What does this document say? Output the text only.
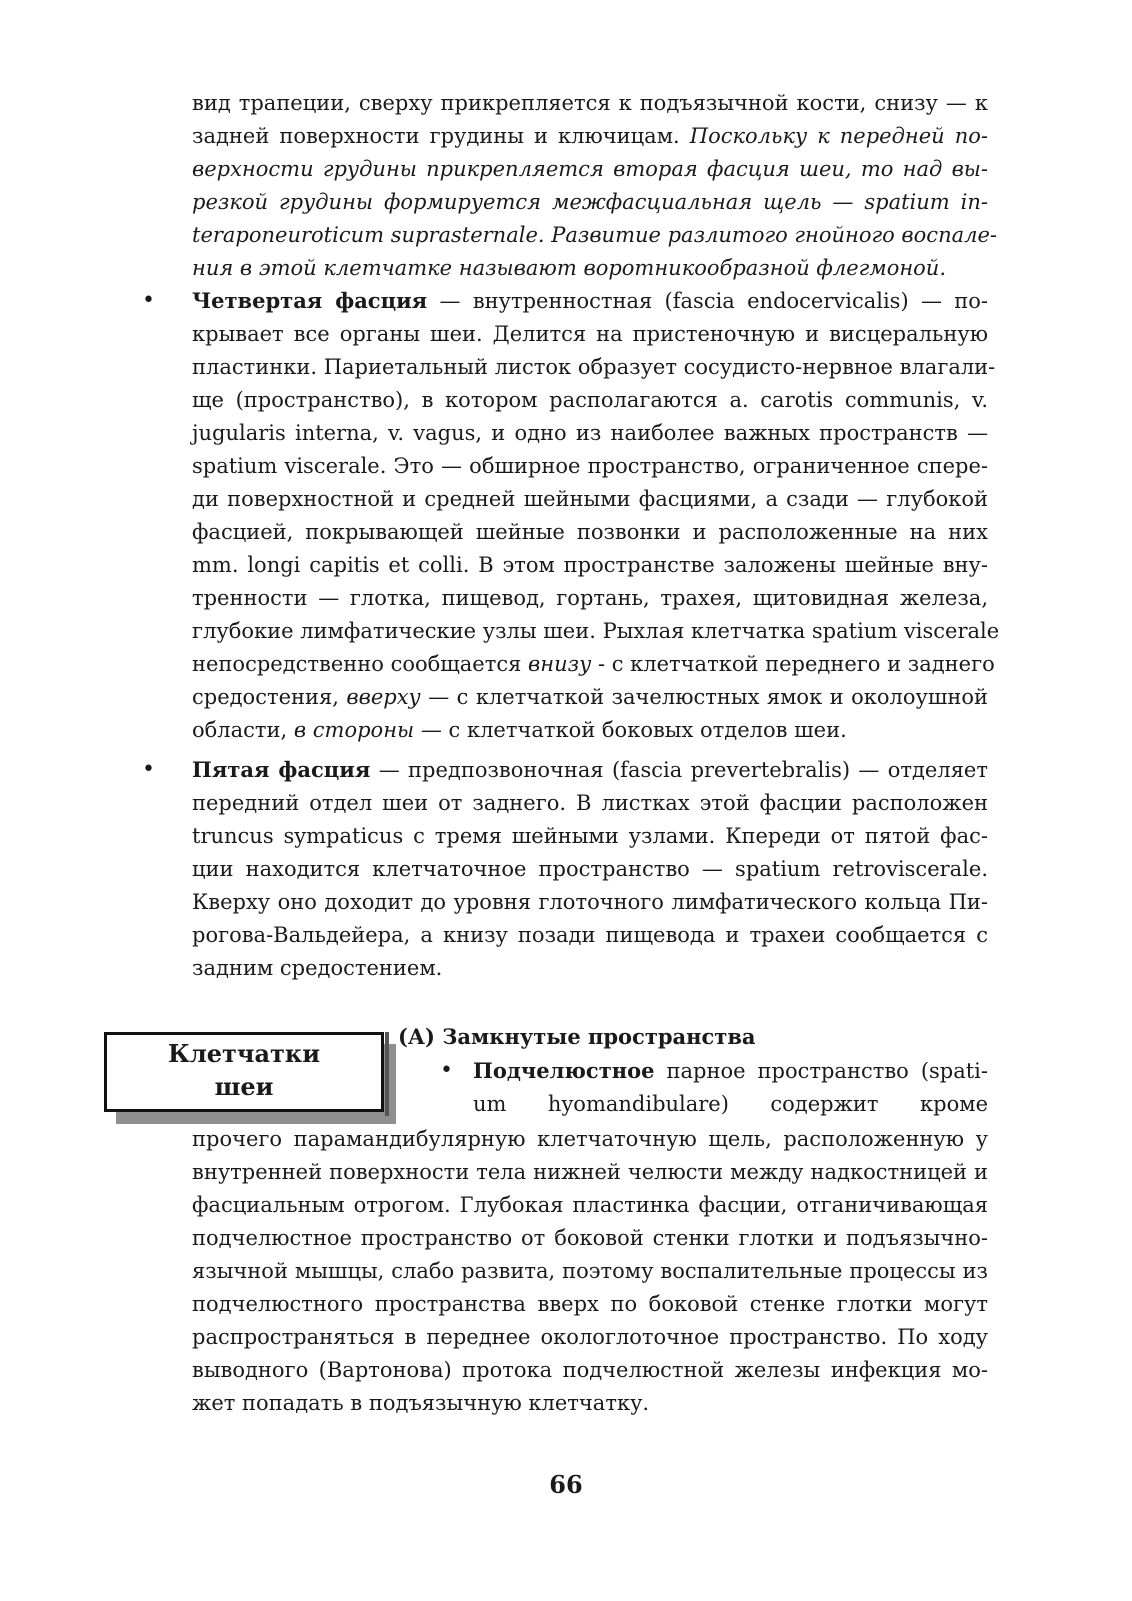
вид трапеции, сверху прикрепляется к подъязычной кости, снизу — к
задней поверхности грудины и ключицам. Поскольку к передней по-
верхности грудины прикрепляется вторая фасция шеи, то над вы-
резкой грудины формируется межфасциальная щель — spatium in-
teraponeuroticum suprasternale. Развитие разлитого гнойного воспале-
ния в этой клетчатке называют воротникообразной флегмоной.
•	Четвертая фасция — внутренностная (fascia endocervicalis) — по-
крывает все органы шеи. Делится на пристеночную и висцеральную
пластинки. Париетальный листок образует сосудисто-нервное влагали-
ще (пространство), в котором располагаются a. carotis communis, v.
jugularis interna, v. vagus, и одно из наиболее важных пространств —
spatium viscerale. Это — обширное пространство, ограниченное спере-
ди поверхностной и средней шейными фасциями, а сзади — глубокой
фасцией, покрывающей шейные позвонки и расположенные на них
mm. longi capitis et colli. В этом пространстве заложены шейные вну-
тренности — глотка, пищевод, гортань, трахея, щитовидная железа,
глубокие лимфатические узлы шеи. Рыхлая клетчатка spatium viscerale
непосредственно сообщается внизу - с клетчаткой переднего и заднего
средостения, вверху — с клетчаткой зачелюстных ямок и околоушной
области, в стороны — с клетчаткой боковых отделов шеи.
•	Пятая фасция — предпозвоночная (fascia prevertebralis) — отделяет
передний отдел шеи от заднего. В листках этой фасции расположен
truncus sympaticus с тремя шейными узлами. Кпереди от пятой фас-
ции находится клетчаточное пространство — spatium retroviscerale.
Кверху оно доходит до уровня глоточного лимфатического кольца Пи-
рогова-Вальдейера, а книзу позади пищевода и трахеи сообщается с
задним средостением.
Клетчатки
шеи
(А) Замкнутые пространства
• Подчелюстное парное пространство (spati-
um hyomandibulare) содержит кроме
прочего парамандибулярную клетчаточную щель, расположенную у
внутренней поверхности тела нижней челюсти между надкостницей и
фасциальным отрогом. Глубокая пластинка фасции, отганичивающая
подчелюстное пространство от боковой стенки глотки и подъязычно-
язычной мышцы, слабо развита, поэтому воспалительные процессы из
подчелюстного пространства вверх по боковой стенке глотки могут
распространяться в переднее окологлоточное пространство. По ходу
выводного (Вартонова) протока подчелюстной железы инфекция мо-
жет попадать в подъязычную клетчатку.
66
